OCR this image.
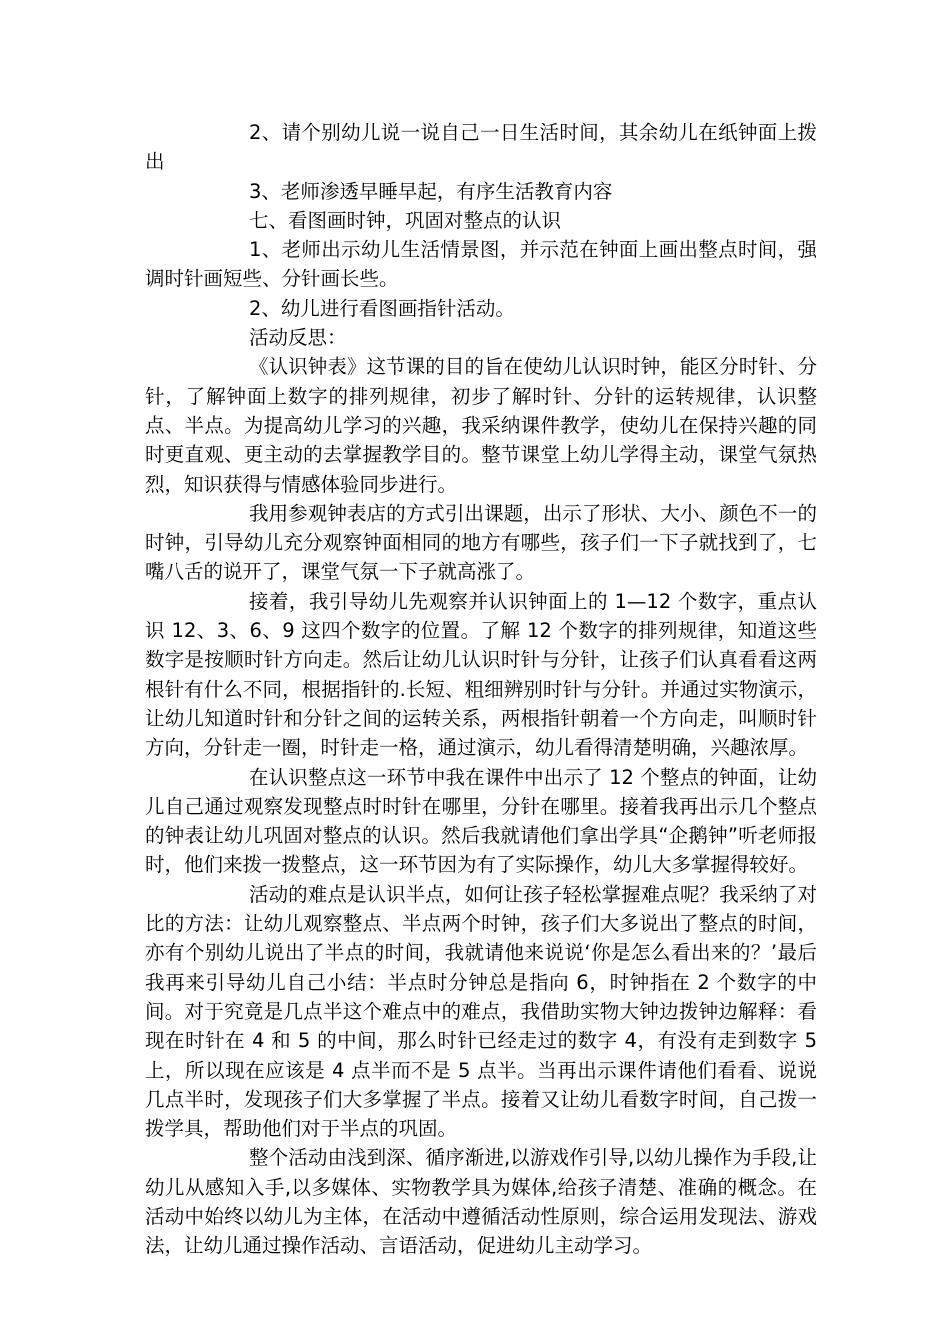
2、请个别幼儿说一说自己一日生活时间，其余幼儿在纸钟面上拨出

3、老师渗透早睡早起，有序生活教育内容

七、看图画时钟，巩固对整点的认识

1、老师出示幼儿生活情景图，并示范在钟面上画出整点时间，强调时针画短些、分针画长些。

2、幼儿进行看图画指针活动。

活动反思：

《认识钟表》这节课的目的旨在使幼儿认识时钟，能区分时针、分针，了解钟面上数字的排列规律，初步了解时针、分针的运转规律，认识整点、半点。为提高幼儿学习的兴趣，我采纳课件教学，使幼儿在保持兴趣的同时更直观、更主动的去掌握教学目的。整节课堂上幼儿学得主动，课堂气氛热烈，知识获得与情感体验同步进行。

我用参观钟表店的方式引出课题，出示了形状、大小、颜色不一的时钟，引导幼儿充分观察钟面相同的地方有哪些，孩子们一下子就找到了，七嘴八舌的说开了，课堂气氛一下子就高涨了。

接着，我引导幼儿先观察并认识钟面上的 1—12 个数字，重点认识 12、3、6、9 这四个数字的位置。了解 12 个数字的排列规律，知道这些数字是按顺时针方向走。然后让幼儿认识时针与分针，让孩子们认真看看这两根针有什么不同，根据指针的.长短、粗细辨别时针与分针。并通过实物演示，让幼儿知道时针和分针之间的运转关系，两根指针朝着一个方向走，叫顺时针方向，分针走一圈，时针走一格，通过演示，幼儿看得清楚明确，兴趣浓厚。

在认识整点这一环节中我在课件中出示了 12 个整点的钟面，让幼儿自己通过观察发现整点时时针在哪里，分针在哪里。接着我再出示几个整点的钟表让幼儿巩固对整点的认识。然后我就请他们拿出学具“企鹅钟”听老师报时，他们来拨一拨整点，这一环节因为有了实际操作，幼儿大多掌握得较好。

活动的难点是认识半点，如何让孩子轻松掌握难点呢？我采纳了对比的方法：让幼儿观察整点、半点两个时钟，孩子们大多说出了整点的时间，亦有个别幼儿说出了半点的时间，我就请他来说说‘你是怎么看出来的？’最后我再来引导幼儿自己小结：半点时分钟总是指向 6，时钟指在 2 个数字的中间。对于究竟是几点半这个难点中的难点，我借助实物大钟边拨钟边解释：看现在时针在 4 和 5 的中间，那么时针已经走过的数字 4，有没有走到数字 5 上，所以现在应该是 4 点半而不是 5 点半。当再出示课件请他们看看、说说几点半时，发现孩子们大多掌握了半点。接着又让幼儿看数字时间，自己拨一拨学具，帮助他们对于半点的巩固。

整个活动由浅到深、循序渐进,以游戏作引导,以幼儿操作为手段,让幼儿从感知入手,以多媒体、实物教学具为媒体,给孩子清楚、准确的概念。在活动中始终以幼儿为主体，在活动中遵循活动性原则，综合运用发现法、游戏法，让幼儿通过操作活动、言语活动，促进幼儿主动学习。
